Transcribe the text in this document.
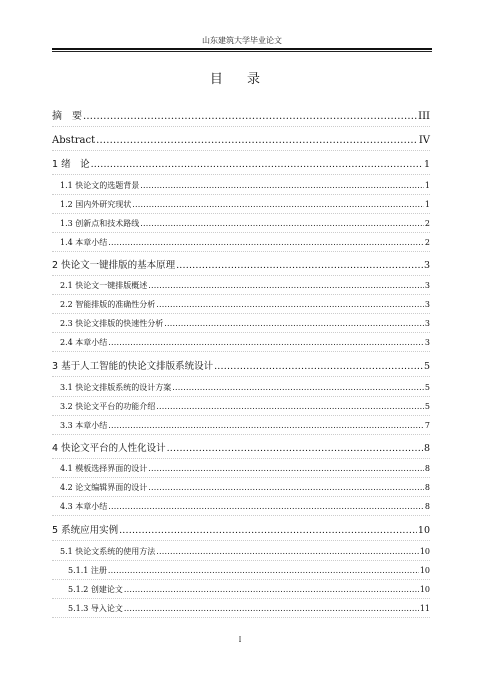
山东建筑大学毕业论文
目 录
摘　要 .....	III
Abstract .....	IV
1 绪　论 .....	1
1.1 快论文的选题背景 .....	1
1.2 国内外研究现状 .....	1
1.3 创新点和技术路线 .....	2
1.4 本章小结 .....	2
2 快论文一键排版的基本原理 .....	3
2.1 快论文一键排版概述 .....	3
2.2 智能排版的准确性分析 .....	3
2.3 快论文排版的快速性分析 .....	3
2.4 本章小结 .....	3
3 基于人工智能的快论文排版系统设计 .....	5
3.1 快论文排版系统的设计方案 .....	5
3.2 快论文平台的功能介绍 .....	5
3.3 本章小结 .....	7
4 快论文平台的人性化设计 .....	8
4.1 模板选择界面的设计 .....	8
4.2 论文编辑界面的设计 .....	8
4.3 本章小结 .....	8
5 系统应用实例 .....	10
5.1 快论文系统的使用方法 .....	10
5.1.1 注册 .....	10
5.1.2 创建论文 .....	10
5.1.3 导入论文 .....	11
I
